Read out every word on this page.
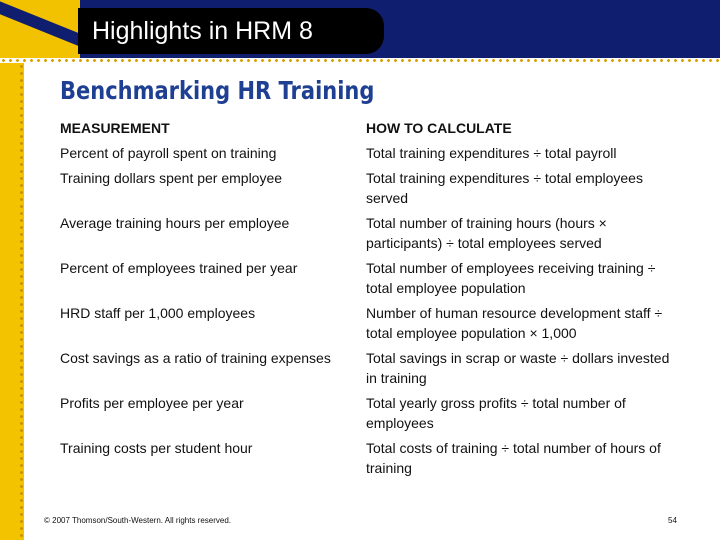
Highlights in HRM 8
Benchmarking HR Training
MEASUREMENT	HOW TO CALCULATE
Percent of payroll spent on training	Total training expenditures ÷ total payroll
Training dollars spent per employee	Total training expenditures ÷ total employees served
Average training hours per employee	Total number of training hours (hours × participants) ÷ total employees served
Percent of employees trained per year	Total number of employees receiving training ÷ total employee population
HRD staff per 1,000 employees	Number of human resource development staff ÷ total employee population × 1,000
Cost savings as a ratio of training expenses	Total savings in scrap or waste ÷ dollars invested in training
Profits per employee per year	Total yearly gross profits ÷ total number of employees
Training costs per student hour	Total costs of training ÷ total number of hours of training
© 2007 Thomson/South-Western. All rights reserved.	54
